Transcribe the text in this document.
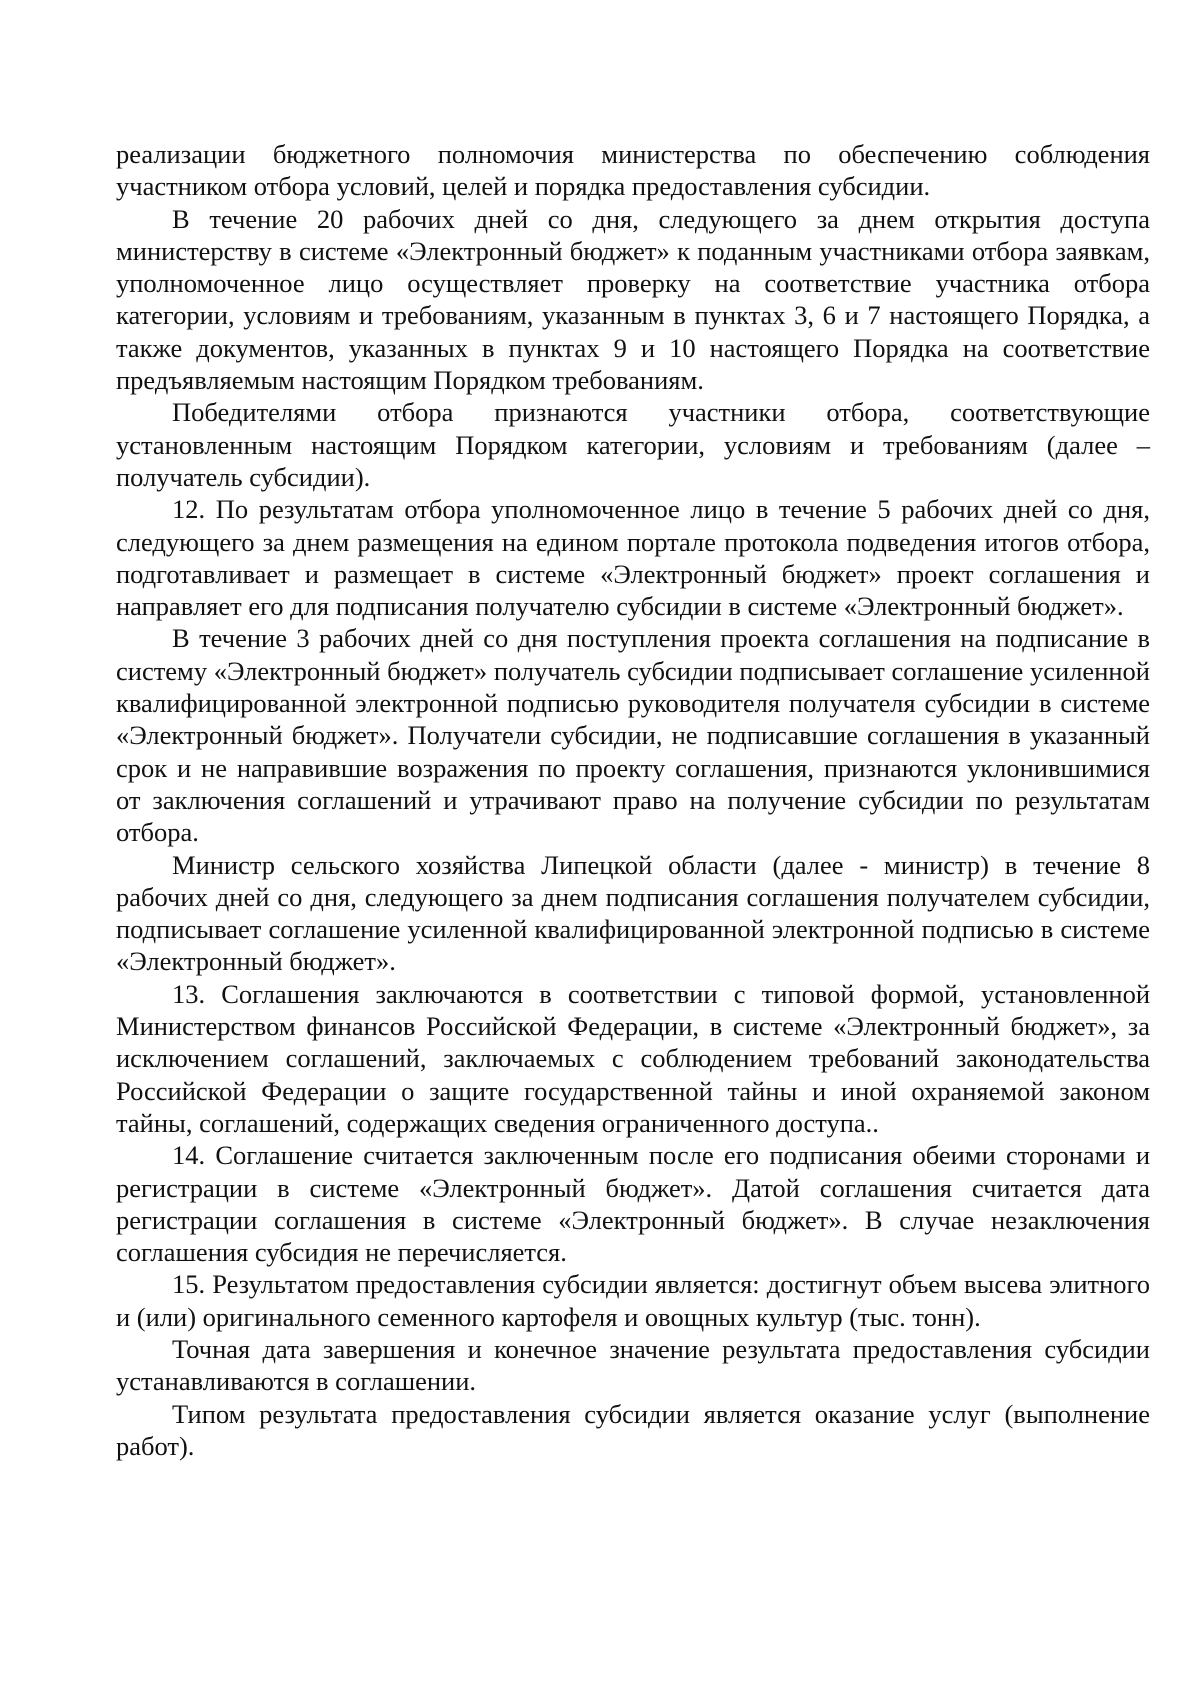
реализации бюджетного полномочия министерства по обеспечению соблюдения участником отбора условий, целей и порядка предоставления субсидии.

В течение 20 рабочих дней со дня, следующего за днем открытия доступа министерству в системе «Электронный бюджет» к поданным участниками отбора заявкам, уполномоченное лицо осуществляет проверку на соответствие участника отбора категории, условиям и требованиям, указанным в пунктах 3, 6 и 7 настоящего Порядка, а также документов, указанных в пунктах 9 и 10 настоящего Порядка на соответствие предъявляемым настоящим Порядком требованиям.

Победителями отбора признаются участники отбора, соответствующие установленным настоящим Порядком категории, условиям и требованиям (далее – получатель субсидии).

12. По результатам отбора уполномоченное лицо в течение 5 рабочих дней со дня, следующего за днем размещения на едином портале протокола подведения итогов отбора, подготавливает и размещает в системе «Электронный бюджет» проект соглашения и направляет его для подписания получателю субсидии в системе «Электронный бюджет».

В течение 3 рабочих дней со дня поступления проекта соглашения на подписание в систему «Электронный бюджет» получатель субсидии подписывает соглашение усиленной квалифицированной электронной подписью руководителя получателя субсидии в системе «Электронный бюджет». Получатели субсидии, не подписавшие соглашения в указанный срок и не направившие возражения по проекту соглашения, признаются уклонившимися от заключения соглашений и утрачивают право на получение субсидии по результатам отбора.

Министр сельского хозяйства Липецкой области (далее - министр) в течение 8 рабочих дней со дня, следующего за днем подписания соглашения получателем субсидии, подписывает соглашение усиленной квалифицированной электронной подписью в системе «Электронный бюджет».

13. Соглашения заключаются в соответствии с типовой формой, установленной Министерством финансов Российской Федерации, в системе «Электронный бюджет», за исключением соглашений, заключаемых с соблюдением требований законодательства Российской Федерации о защите государственной тайны и иной охраняемой законом тайны, соглашений, содержащих сведения ограниченного доступа..

14. Соглашение считается заключенным после его подписания обеими сторонами и регистрации в системе «Электронный бюджет». Датой соглашения считается дата регистрации соглашения в системе «Электронный бюджет». В случае незаключения соглашения субсидия не перечисляется.

15. Результатом предоставления субсидии является: достигнут объем высева элитного и (или) оригинального семенного картофеля и овощных культур (тыс. тонн).

Точная дата завершения и конечное значение результата предоставления субсидии устанавливаются в соглашении.

Типом результата предоставления субсидии является оказание услуг (выполнение работ).
